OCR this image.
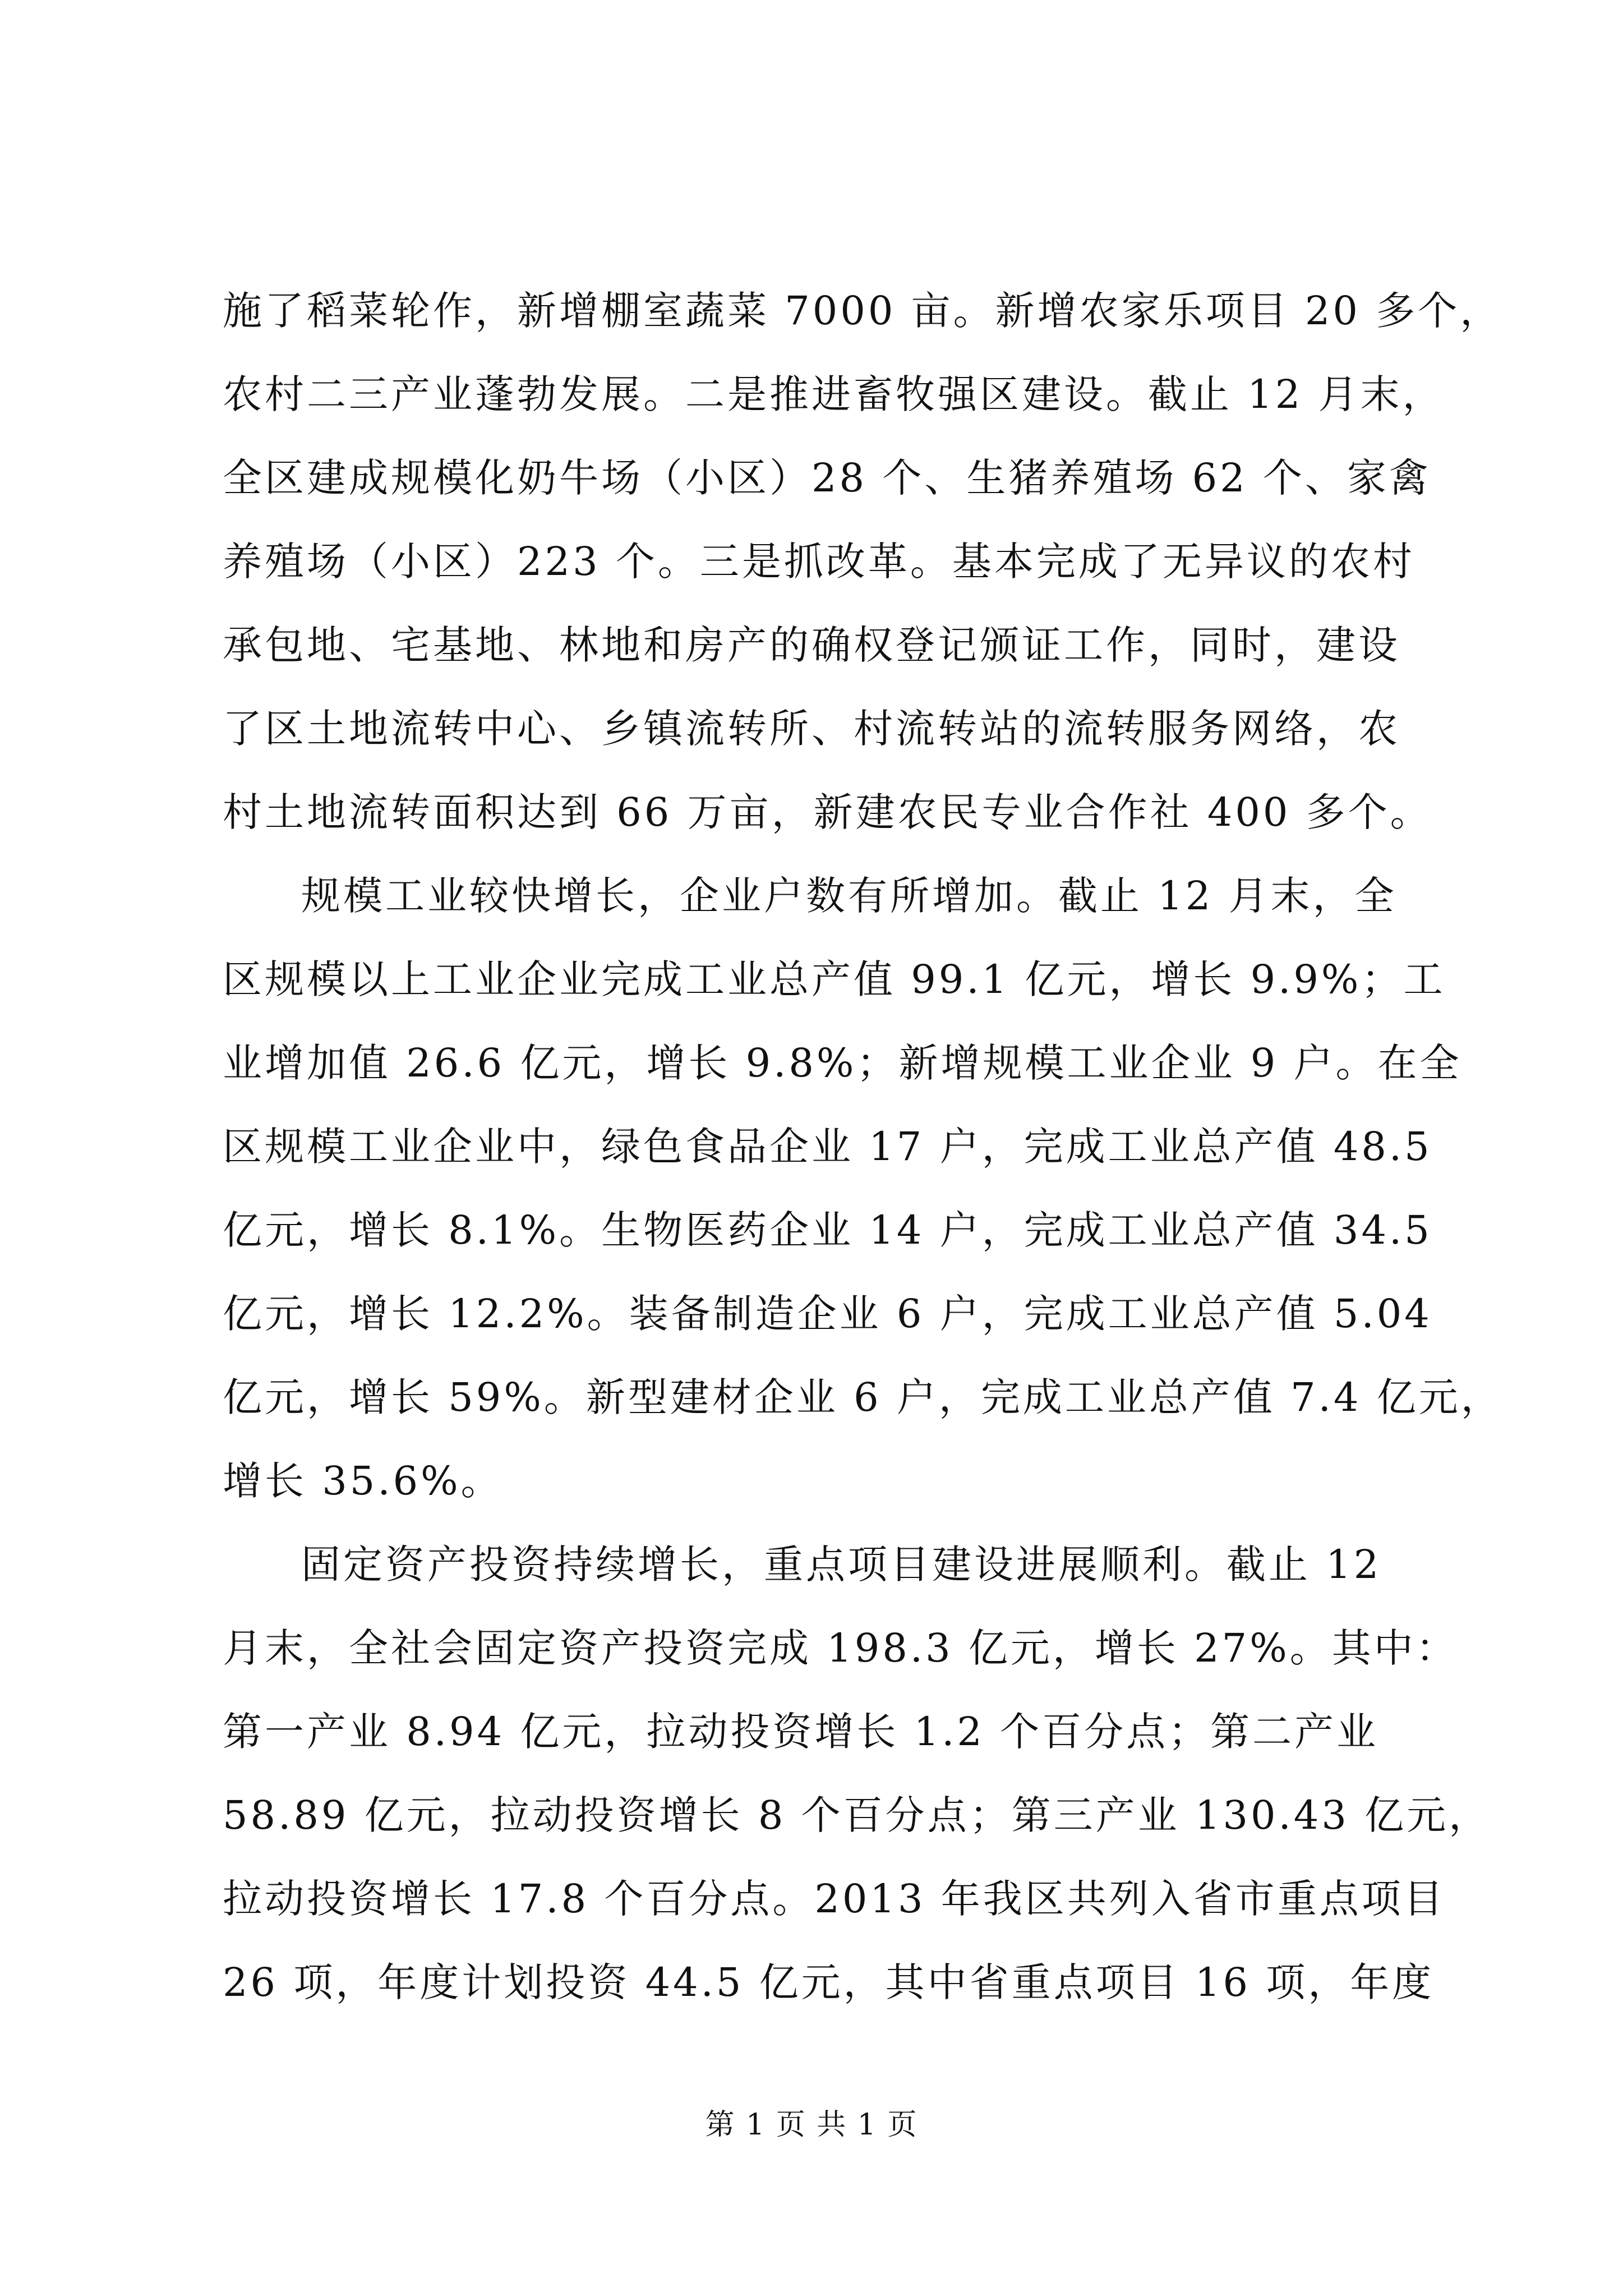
施了稻菜轮作，新增棚室蔬菜 7000 亩。新增农家乐项目 20 多个，
农村二三产业蓬勃发展。二是推进畜牧强区建设。截止 12 月末，
全区建成规模化奶牛场（小区）28 个、生猪养殖场 62 个、家禽
养殖场（小区）223 个。三是抓改革。基本完成了无异议的农村
承包地、宅基地、林地和房产的确权登记颁证工作，同时，建设
了区土地流转中心、乡镇流转所、村流转站的流转服务网络，农
村土地流转面积达到 66 万亩，新建农民专业合作社 400 多个。

规模工业较快增长，企业户数有所增加。截止 12 月末，全
区规模以上工业企业完成工业总产值 99.1 亿元，增长 9.9%；工
业增加值 26.6 亿元，增长 9.8%；新增规模工业企业 9 户。在全
区规模工业企业中，绿色食品企业 17 户，完成工业总产值 48.5
亿元，增长 8.1%。生物医药企业 14 户，完成工业总产值 34.5
亿元，增长 12.2%。装备制造企业 6 户，完成工业总产值 5.04
亿元，增长 59%。新型建材企业 6 户，完成工业总产值 7.4 亿元，
增长 35.6%。

固定资产投资持续增长，重点项目建设进展顺利。截止 12
月末，全社会固定资产投资完成 198.3 亿元，增长 27%。其中：
第一产业 8.94 亿元，拉动投资增长 1.2 个百分点；第二产业
58.89 亿元，拉动投资增长 8 个百分点；第三产业 130.43 亿元，
拉动投资增长 17.8 个百分点。2013 年我区共列入省市重点项目
26 项，年度计划投资 44.5 亿元，其中省重点项目 16 项，年度

第 1 页 共 1 页
